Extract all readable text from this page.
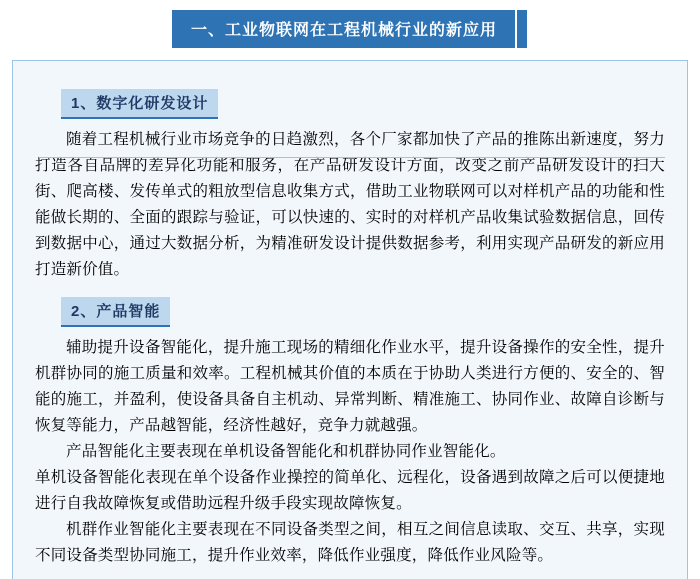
一、工业物联网在工程机械行业的新应用
1、数字化研发设计

随着工程机械行业市场竞争的日趋激烈，各个厂家都加快了产品的推陈出新速度，努力打造各自品牌的差异化功能和服务，在产品研发设计方面，改变之前产品研发设计的扫大街、爬高楼、发传单式的粗放型信息收集方式，借助工业物联网可以对样机产品的功能和性能做长期的、全面的跟踪与验证，可以快速的、实时的对样机产品收集试验数据信息，回传到数据中心，通过大数据分析，为精准研发设计提供数据参考，利用实现产品研发的新应用打造新价值。

2、产品智能

辅助提升设备智能化，提升施工现场的精细化作业水平，提升设备操作的安全性，提升机群协同的施工质量和效率。工程机械其价值的本质在于协助人类进行方便的、安全的、智能的施工，并盈利，使设备具备自主机动、异常判断、精准施工、协同作业、故障自诊断与恢复等能力，产品越智能，经济性越好，竞争力就越强。

产品智能化主要表现在单机设备智能化和机群协同作业智能化。

单机设备智能化表现在单个设备作业操控的简单化、远程化，设备遇到故障之后可以便捷地进行自我故障恢复或借助远程升级手段实现故障恢复。

机群作业智能化主要表现在不同设备类型之间，相互之间信息读取、交互、共享，实现不同设备类型协同施工，提升作业效率，降低作业强度，降低作业风险等。
